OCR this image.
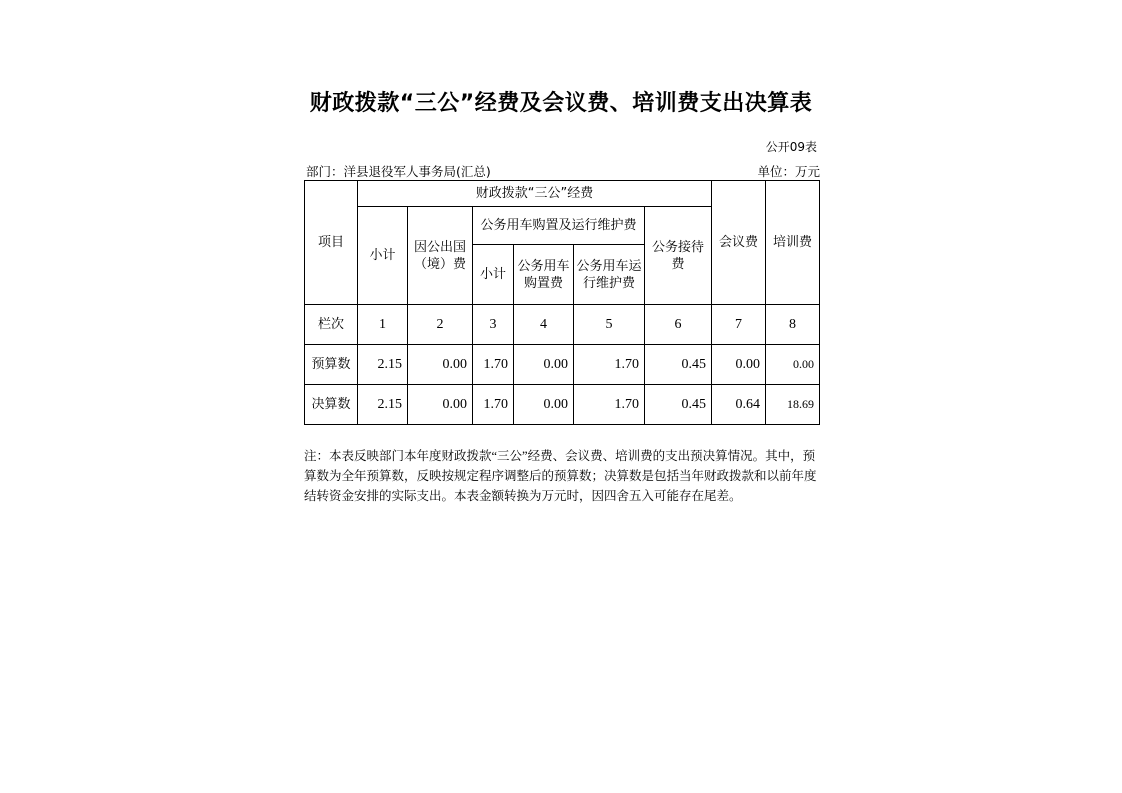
财政拨款“三公”经费及会议费、培训费支出决算表
公开09表
部门：洋县退役军人事务局(汇总)	单位：万元
项目	财政拨款“三公”经费						会议费	培训费
	小计	因公出国（境）费	公务用车购置及运行维护费			公务接待费		
			小计	公务用车购置费	公务用车运行维护费			
栏次	1	2	3	4	5	6	7	8
预算数	2.15	0.00	1.70	0.00	1.70	0.45	0.00	0.00
决算数	2.15	0.00	1.70	0.00	1.70	0.45	0.64	18.69
注：本表反映部门本年度财政拨款“三公”经费、会议费、培训费的支出预决算情况。其中，预算数为全年预算数，反映按规定程序调整后的预算数；决算数是包括当年财政拨款和以前年度结转资金安排的实际支出。本表金额转换为万元时，因四舍五入可能存在尾差。
